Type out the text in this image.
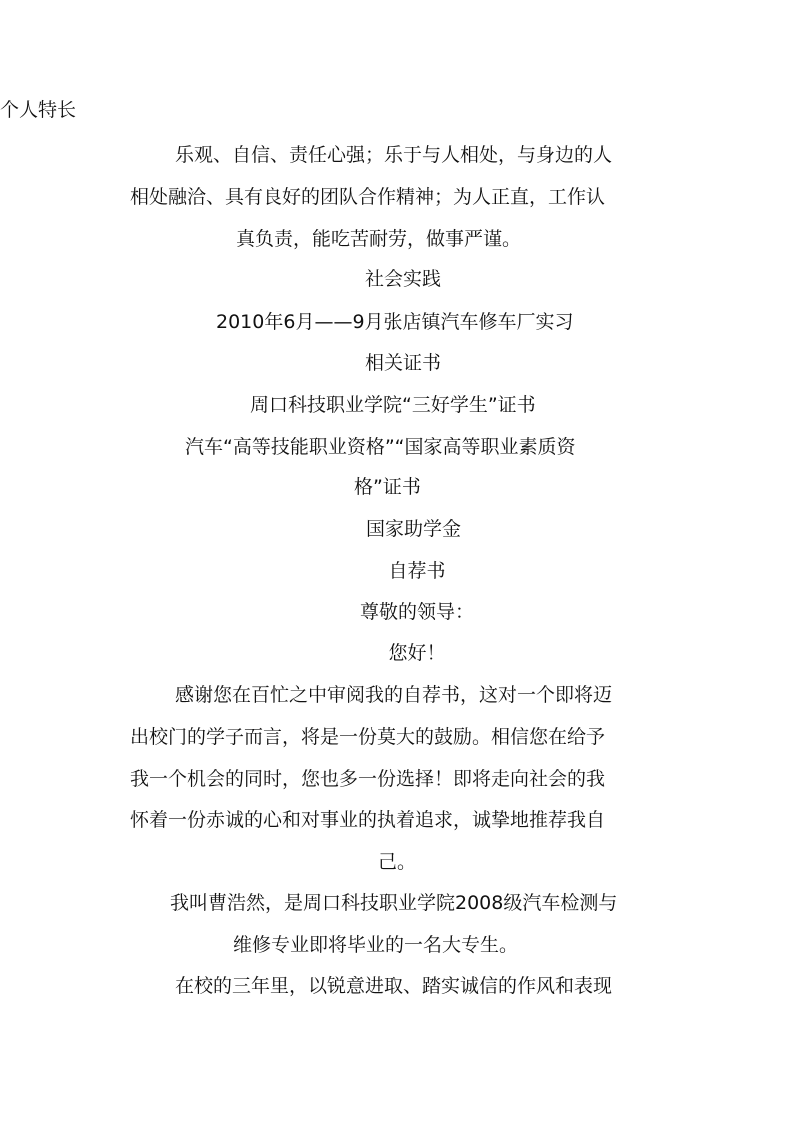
个人特长
乐观、自信、责任心强；乐于与人相处，与身边的人
相处融洽、具有良好的团队合作精神；为人正直，工作认
真负责，能吃苦耐劳，做事严谨。
社会实践
2010年6月——9月张店镇汽车修车厂实习
相关证书
周口科技职业学院“三好学生”证书
汽车“高等技能职业资格”“国家高等职业素质资
格”证书
国家助学金
自荐书
尊敬的领导：
您好！
感谢您在百忙之中审阅我的自荐书，这对一个即将迈
出校门的学子而言，将是一份莫大的鼓励。相信您在给予
我一个机会的同时，您也多一份选择！即将走向社会的我
怀着一份赤诚的心和对事业的执着追求，诚挚地推荐我自
己。
我叫曹浩然，是周口科技职业学院2008级汽车检测与
维修专业即将毕业的一名大专生。
在校的三年里，以锐意进取、踏实诚信的作风和表现
